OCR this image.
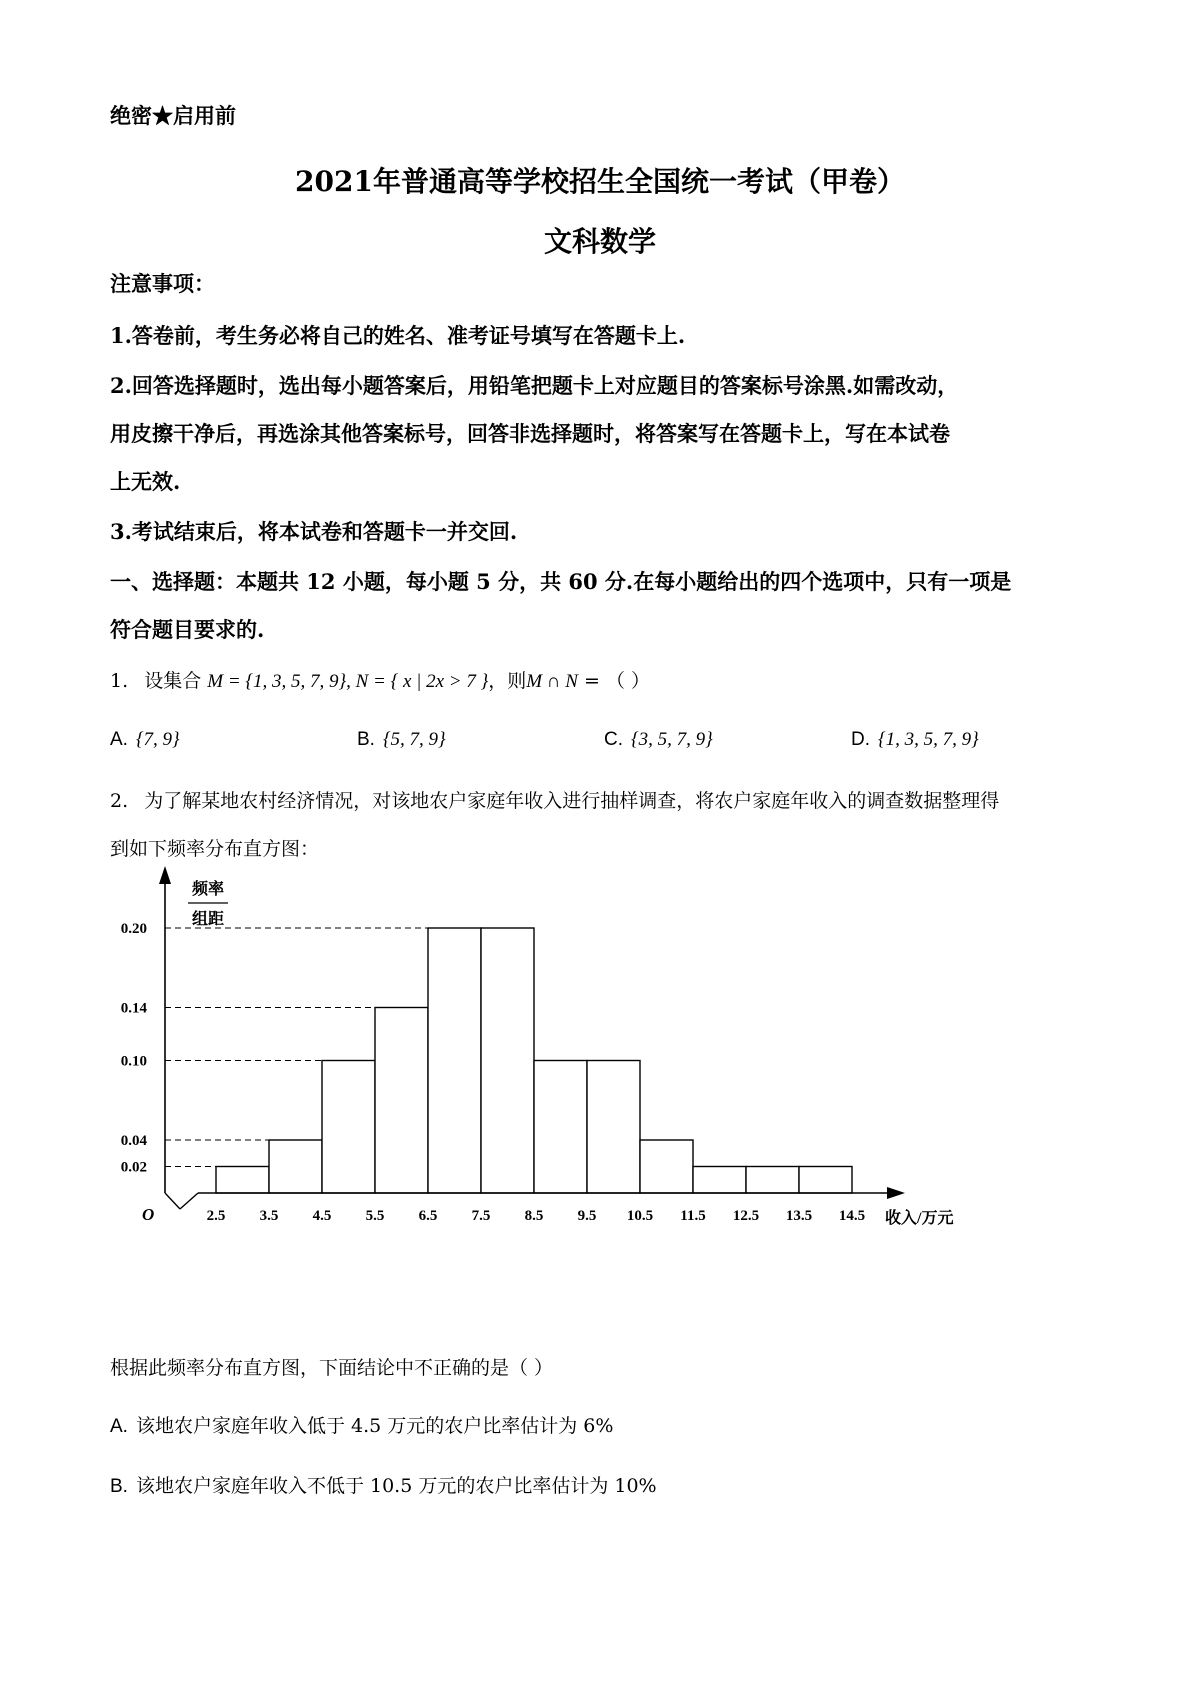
绝密★启用前
2021年普通高等学校招生全国统一考试（甲卷）
文科数学
注意事项：
1.答卷前，考生务必将自己的姓名、准考证号填写在答题卡上.
2.回答选择题时，选出每小题答案后，用铅笔把题卡上对应题目的答案标号涂黑.如需改动，
用皮擦干净后，再选涂其他答案标号，回答非选择题时，将答案写在答题卡上，写在本试卷
上无效.
3.考试结束后，将本试卷和答题卡一并交回.
一、选择题：本题共 12 小题，每小题 5 分，共 60 分.在每小题给出的四个选项中，只有一项是
符合题目要求的.
1. 设集合 M = {1, 3, 5, 7, 9}, N = { x | 2x > 7 }，则M ∩ N = （ ）
A. {7, 9}	B. {5, 7, 9}	C. {3, 5, 7, 9}	D. {1, 3, 5, 7, 9}
2. 为了解某地农村经济情况，对该地农户家庭年收入进行抽样调查，将农户家庭年收入的调查数据整理得
到如下频率分布直方图：
0.02
0.04
0.10
0.14
0.20
2.5 3.5 4.5 5.5 6.5 7.5 8.5 9.5 10.5 11.5 12.5 13.5 14.5
O	收入/万元
频率
组距
根据此频率分布直方图，下面结论中不正确的是（ ）
A. 该地农户家庭年收入低于 4.5 万元的农户比率估计为 6%
B. 该地农户家庭年收入不低于 10.5 万元的农户比率估计为 10%
